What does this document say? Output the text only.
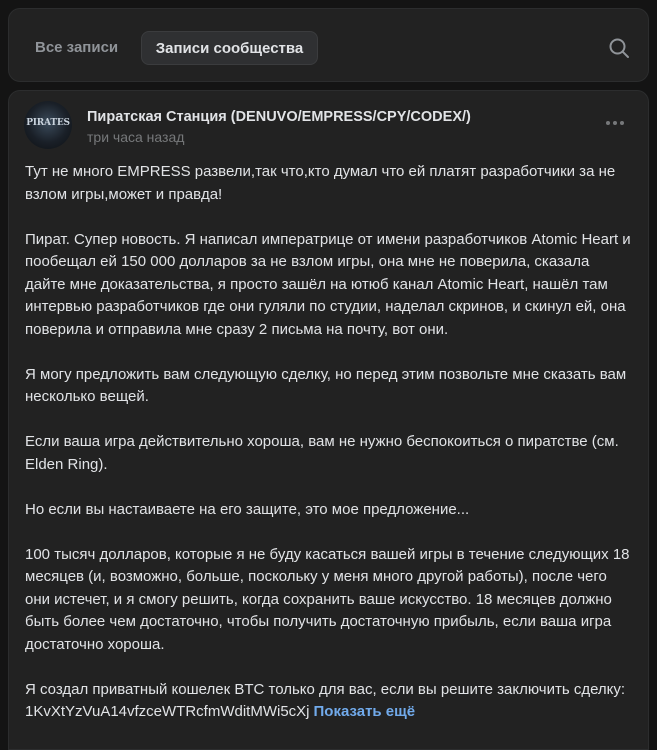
Все записи	Записи сообщества
PIRATES Пиратская Станция (DENUVO/EMPRESS/CPY/CODEX/)
три часа назад

Тут не много EMPRESS развели,так что,кто думал что ей платят разработчики за не взлом игры,может и правда!

Пират. Супер новость. Я написал императрице от имени разработчиков Atomic Heart и пообещал ей 150 000 долларов за не взлом игры, она мне не поверила, сказала дайте мне доказательства, я просто зашёл на ютюб канал Atomic Heart, нашёл там интервью разработчиков где они гуляли по студии, наделал скринов, и скинул ей, она поверила и отправила мне сразу 2 письма на почту, вот они.

Я могу предложить вам следующую сделку, но перед этим позвольте мне сказать вам несколько вещей.

Если ваша игра действительно хороша, вам не нужно беспокоиться о пиратстве (см. Elden Ring).

Но если вы настаиваете на его защите, это мое предложение...

100 тысяч долларов, которые я не буду касаться вашей игры в течение следующих 18 месяцев (и, возможно, больше, поскольку у меня много другой работы), после чего они истечет, и я смогу решить, когда сохранить ваше искусство. 18 месяцев должно быть более чем достаточно, чтобы получить достаточную прибыль, если ваша игра достаточно хороша.

Я создал приватный кошелек BTC только для вас, если вы решите заключить сделку: 1KvXtYzVuA14vfzceWTRcfmWditMWi5cXj Показать ещё
